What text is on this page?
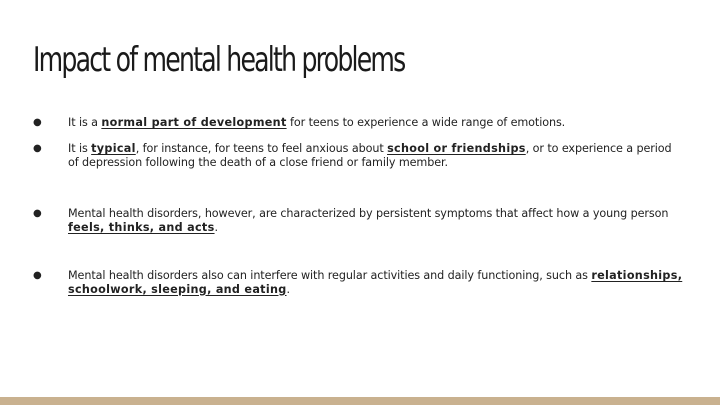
Impact of mental health problems
● It is a normal part of development for teens to experience a wide range of emotions.
● It is typical, for instance, for teens to feel anxious about school or friendships, or to experience a period of depression following the death of a close friend or family member.
● Mental health disorders, however, are characterized by persistent symptoms that affect how a young person feels, thinks, and acts.
● Mental health disorders also can interfere with regular activities and daily functioning, such as relationships, schoolwork, sleeping, and eating.
